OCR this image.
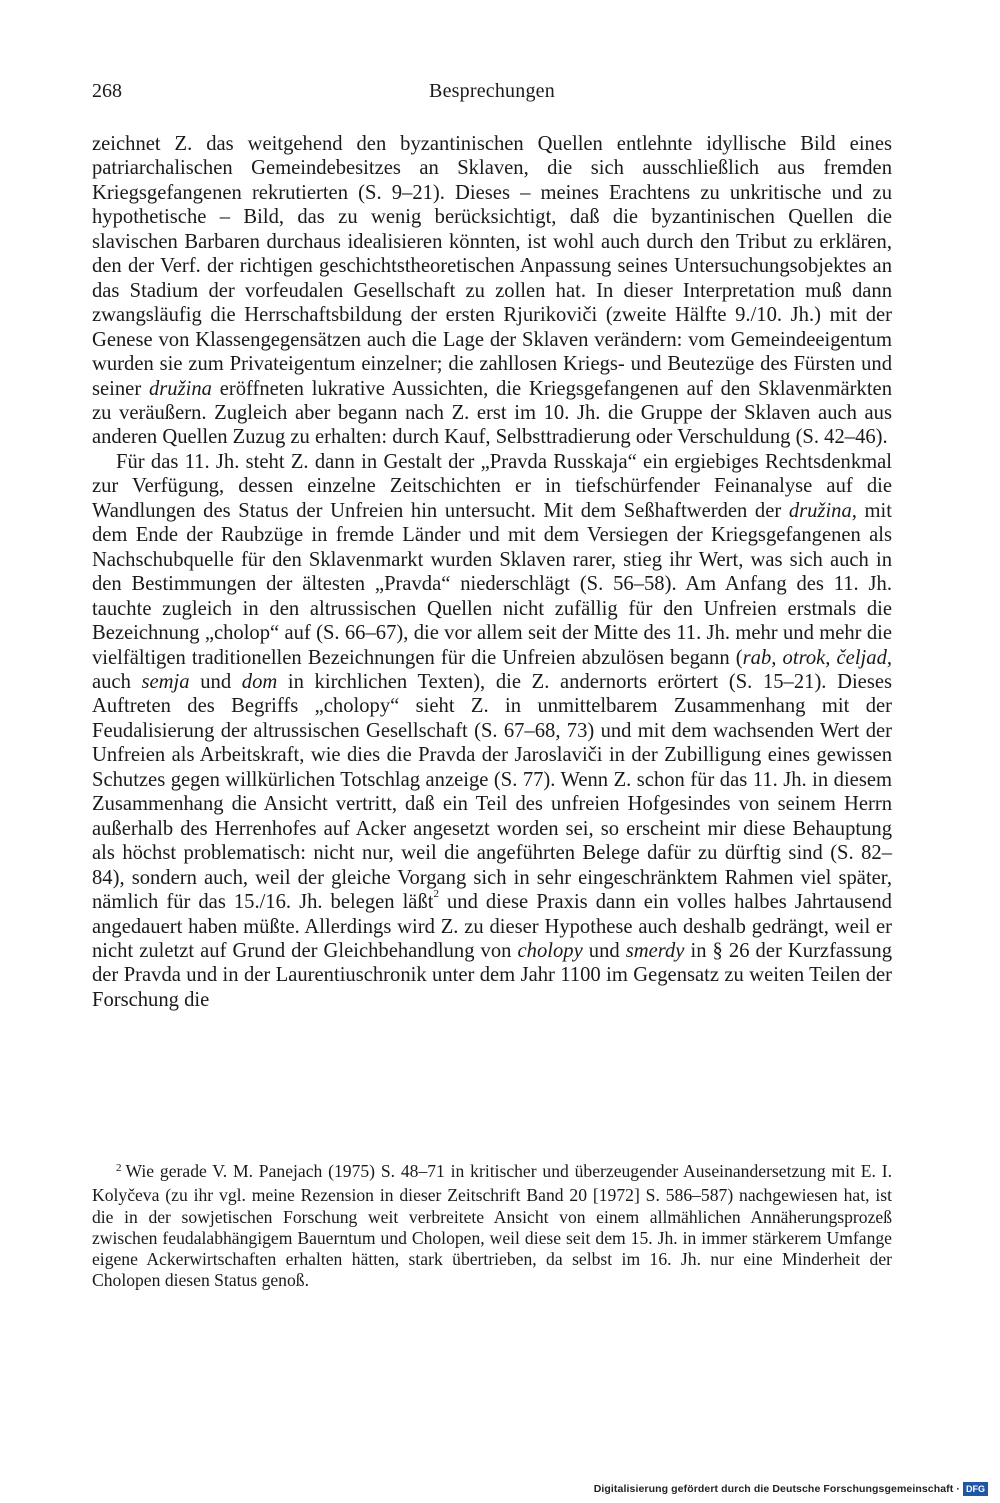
268	Besprechungen

zeichnet Z. das weitgehend den byzantinischen Quellen entlehnte idyllische Bild eines patriarchalischen Gemeindebesitzes an Sklaven, die sich ausschließlich aus fremden Kriegsgefangenen rekrutierten (S. 9–21). Dieses – meines Erachtens zu unkritische und zu hypothetische – Bild, das zu wenig berücksichtigt, daß die byzantinischen Quellen die slavischen Barbaren durchaus idealisieren könnten, ist wohl auch durch den Tribut zu erklären, den der Verf. der richtigen geschichtstheoretischen Anpassung seines Untersuchungsobjektes an das Stadium der vorfeudalen Gesellschaft zu zollen hat. In dieser Interpretation muß dann zwangsläufig die Herrschaftsbildung der ersten Rjurikoviči (zweite Hälfte 9./10. Jh.) mit der Genese von Klassengegensätzen auch die Lage der Sklaven verändern: vom Gemeindeeigentum wurden sie zum Privateigentum einzelner; die zahllosen Kriegs- und Beutezüge des Fürsten und seiner družina eröffneten lukrative Aussichten, die Kriegsgefangenen auf den Sklavenmärkten zu veräußern. Zugleich aber begann nach Z. erst im 10. Jh. die Gruppe der Sklaven auch aus anderen Quellen Zuzug zu erhalten: durch Kauf, Selbsttradierung oder Verschuldung (S. 42–46).

Für das 11. Jh. steht Z. dann in Gestalt der „Pravda Russkaja“ ein ergiebiges Rechtsdenkmal zur Verfügung, dessen einzelne Zeitschichten er in tiefschürfender Feinanalyse auf die Wandlungen des Status der Unfreien hin untersucht. Mit dem Seßhaftwerden der družina, mit dem Ende der Raubzüge in fremde Länder und mit dem Versiegen der Kriegsgefangenen als Nachschubquelle für den Sklavenmarkt wurden Sklaven rarer, stieg ihr Wert, was sich auch in den Bestimmungen der ältesten „Pravda“ niederschlägt (S. 56–58). Am Anfang des 11. Jh. tauchte zugleich in den altrussischen Quellen nicht zufällig für den Unfreien erstmals die Bezeichnung „cholop“ auf (S. 66–67), die vor allem seit der Mitte des 11. Jh. mehr und mehr die vielfältigen traditionellen Bezeichnungen für die Unfreien abzulösen begann (rab, otrok, čeljad, auch semja und dom in kirchlichen Texten), die Z. andernorts erörtert (S. 15–21). Dieses Auftreten des Begriffs „cholopy“ sieht Z. in unmittelbarem Zusammenhang mit der Feudalisierung der altrussischen Gesellschaft (S. 67–68, 73) und mit dem wachsenden Wert der Unfreien als Arbeitskraft, wie dies die Pravda der Jaroslaviči in der Zubilligung eines gewissen Schutzes gegen willkürlichen Totschlag anzeige (S. 77). Wenn Z. schon für das 11. Jh. in diesem Zusammenhang die Ansicht vertritt, daß ein Teil des unfreien Hofgesindes von seinem Herrn außerhalb des Herrenhofes auf Acker angesetzt worden sei, so erscheint mir diese Behauptung als höchst problematisch: nicht nur, weil die angeführten Belege dafür zu dürftig sind (S. 82–84), sondern auch, weil der gleiche Vorgang sich in sehr eingeschränktem Rahmen viel später, nämlich für das 15./16. Jh. belegen läßt$^2$ und diese Praxis dann ein volles halbes Jahrtausend angedauert haben müßte. Allerdings wird Z. zu dieser Hypothese auch deshalb gedrängt, weil er nicht zuletzt auf Grund der Gleichbehandlung von cholopy und smerdy in § 26 der Kurzfassung der Pravda und in der Laurentiuschronik unter dem Jahr 1100 im Gegensatz zu weiten Teilen der Forschung die

$^2$ Wie gerade V. M. Panejach (1975) S. 48–71 in kritischer und überzeugender Auseinandersetzung mit E. I. Kolyčeva (zu ihr vgl. meine Rezension in dieser Zeitschrift Band 20 [1972] S. 586–587) nachgewiesen hat, ist die in der sowjetischen Forschung weit verbreitete Ansicht von einem allmählichen Annäherungsprozeß zwischen feudalabhängigem Bauerntum und Cholopen, weil diese seit dem 15. Jh. in immer stärkerem Umfange eigene Ackerwirtschaften erhalten hätten, stark übertrieben, da selbst im 16. Jh. nur eine Minderheit der Cholopen diesen Status genoß.

Digitalisierung gefördert durch die Deutsche Forschungsgemeinschaft · DFG
